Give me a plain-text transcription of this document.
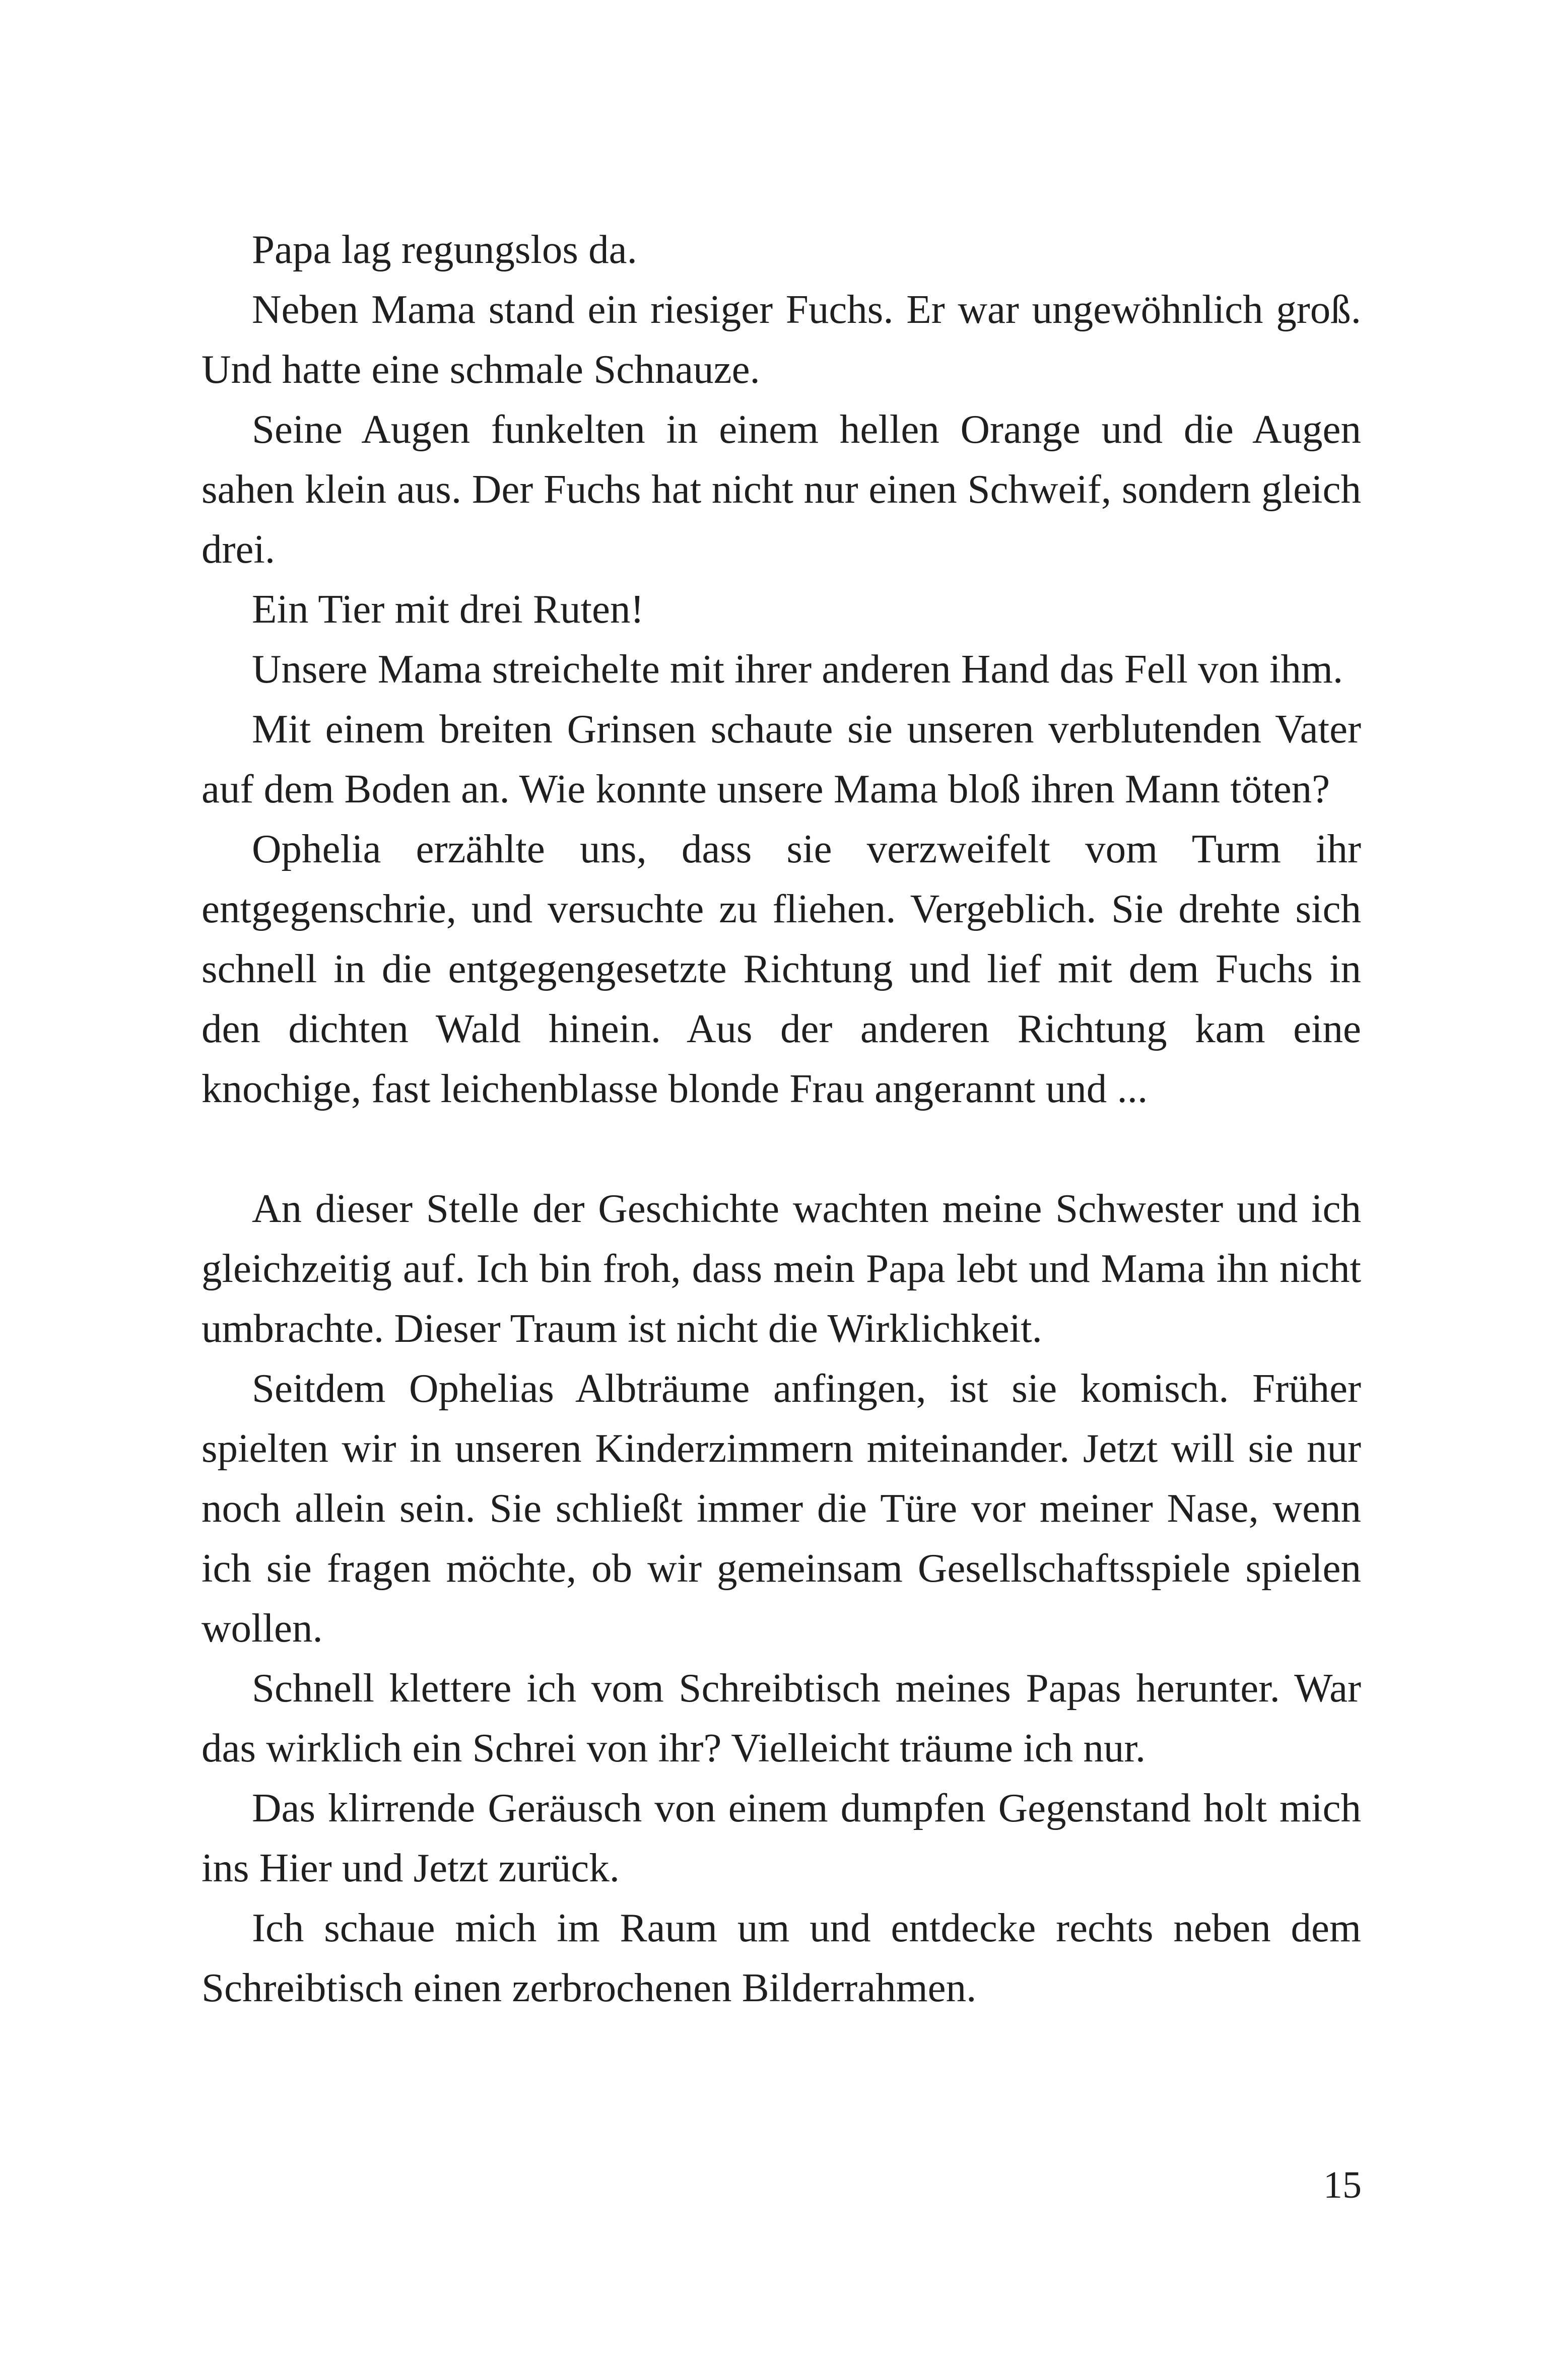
Papa lag regungslos da.

Neben Mama stand ein riesiger Fuchs. Er war ungewöhnlich groß. Und hatte eine schmale Schnauze.

Seine Augen funkelten in einem hellen Orange und die Augen sahen klein aus. Der Fuchs hat nicht nur einen Schweif, sondern gleich drei.

Ein Tier mit drei Ruten!

Unsere Mama streichelte mit ihrer anderen Hand das Fell von ihm.

Mit einem breiten Grinsen schaute sie unseren verblutenden Vater auf dem Boden an. Wie konnte unsere Mama bloß ihren Mann töten?

Ophelia erzählte uns, dass sie verzweifelt vom Turm ihr entgegenschrie, und versuchte zu fliehen. Vergeblich. Sie drehte sich schnell in die entgegengesetzte Richtung und lief mit dem Fuchs in den dichten Wald hinein. Aus der anderen Richtung kam eine knochige, fast leichenblasse blonde Frau angerannt und ...

An dieser Stelle der Geschichte wachten meine Schwester und ich gleichzeitig auf. Ich bin froh, dass mein Papa lebt und Mama ihn nicht umbrachte. Dieser Traum ist nicht die Wirklichkeit.

Seitdem Ophelias Albträume anfingen, ist sie komisch. Früher spielten wir in unseren Kinderzimmern miteinander. Jetzt will sie nur noch allein sein. Sie schließt immer die Türe vor meiner Nase, wenn ich sie fragen möchte, ob wir gemeinsam Gesellschaftsspiele spielen wollen.

Schnell klettere ich vom Schreibtisch meines Papas herunter. War das wirklich ein Schrei von ihr? Vielleicht träume ich nur.

Das klirrende Geräusch von einem dumpfen Gegenstand holt mich ins Hier und Jetzt zurück.

Ich schaue mich im Raum um und entdecke rechts neben dem Schreibtisch einen zerbrochenen Bilderrahmen.

15
